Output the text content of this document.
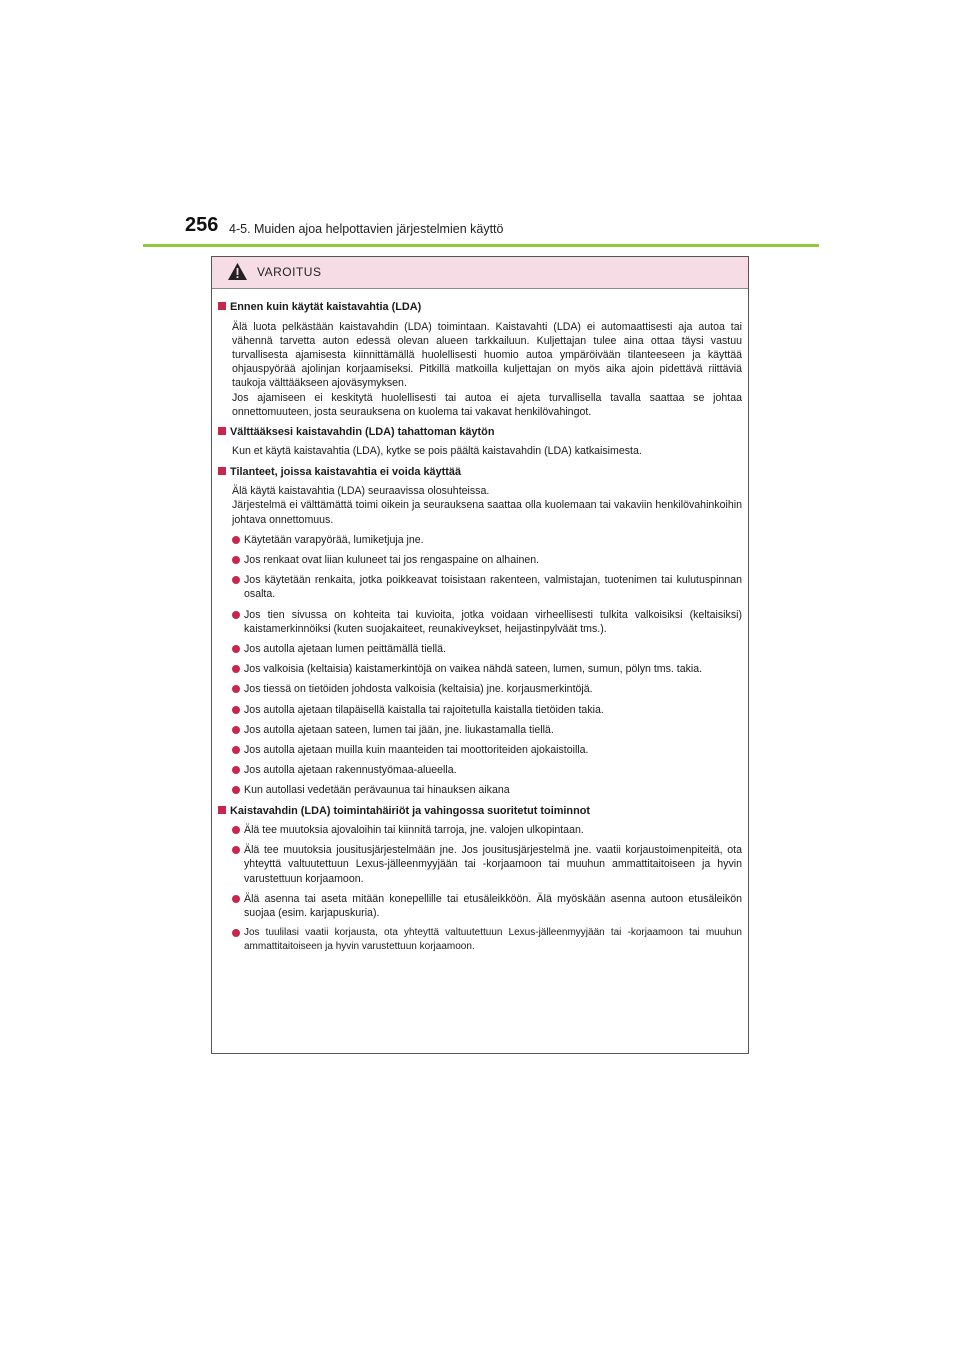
256 4-5. Muiden ajoa helpottavien järjestelmien käyttö
VAROITUS
Ennen kuin käytät kaistavahtia (LDA)

Älä luota pelkästään kaistavahdin (LDA) toimintaan. Kaistavahti (LDA) ei automaattisesti aja autoa tai vähennä tarvetta auton edessä olevan alueen tarkkailuun. Kuljettajan tulee aina ottaa täysi vastuu turvallisesta ajamisesta kiinnittämällä huolellisesti huomio autoa ympäröivään tilanteeseen ja käyttää ohjauspyörää ajolinjan korjaamiseksi. Pitkillä matkoilla kuljettajan on myös aika ajoin pidettävä riittäviä taukoja välttääkseen ajoväsymyksen.

Jos ajamiseen ei keskitytä huolellisesti tai autoa ei ajeta turvallisella tavalla saattaa se johtaa onnettomuuteen, josta seurauksena on kuolema tai vakavat henkilövahingot.

Välttääksesi kaistavahdin (LDA) tahattoman käytön

Kun et käytä kaistavahtia (LDA), kytke se pois päältä kaistavahdin (LDA) katkaisimesta.

Tilanteet, joissa kaistavahtia ei voida käyttää

Älä käytä kaistavahtia (LDA) seuraavissa olosuhteissa.

Järjestelmä ei välttämättä toimi oikein ja seurauksena saattaa olla kuolemaan tai vakaviin henkilövahinkoihin johtava onnettomuus.

Käytetään varapyörää, lumiketjuja jne.
Jos renkaat ovat liian kuluneet tai jos rengaspaine on alhainen.
Jos käytetään renkaita, jotka poikkeavat toisistaan rakenteen, valmistajan, tuotenimen tai kulutuspinnan osalta.
Jos tien sivussa on kohteita tai kuvioita, jotka voidaan virheellisesti tulkita valkoisiksi (keltaisiksi) kaistamerkinnöiksi (kuten suojakaiteet, reunakiveykset, heijastinpylväät tms.).
Jos autolla ajetaan lumen peittämällä tiellä.
Jos valkoisia (keltaisia) kaistamerkintöjä on vaikea nähdä sateen, lumen, sumun, pölyn tms. takia.
Jos tiessä on tietöiden johdosta valkoisia (keltaisia) jne. korjausmerkintöjä.
Jos autolla ajetaan tilapäisellä kaistalla tai rajoitetulla kaistalla tietöiden takia.
Jos autolla ajetaan sateen, lumen tai jään, jne. liukastamalla tiellä.
Jos autolla ajetaan muilla kuin maanteiden tai moottoriteiden ajokaistoilla.
Jos autolla ajetaan rakennustyömaa-alueella.
Kun autollasi vedetään perävaunua tai hinauksen aikana
Kaistavahdin (LDA) toimintahäiriöt ja vahingossa suoritetut toiminnot
Älä tee muutoksia ajovaloihin tai kiinnitä tarroja, jne. valojen ulkopintaan.
Älä tee muutoksia jousitusjärjestelmään jne. Jos jousitusjärjestelmä jne. vaatii korjaustoimenpiteitä, ota yhteyttä valtuutettuun Lexus-jälleenmyyjään tai -korjaamoon tai muuhun ammattitaitoiseen ja hyvin varustettuun korjaamoon.
Älä asenna tai aseta mitään konepellille tai etusäleikköön. Älä myöskään asenna autoon etusäleikön suojaa (esim. karjapuskuria).
Jos tuulilasi vaatii korjausta, ota yhteyttä valtuutettuun Lexus-jälleenmyyjään tai -korjaamoon tai muuhun ammattitaitoiseen ja hyvin varustettuun korjaamoon.
